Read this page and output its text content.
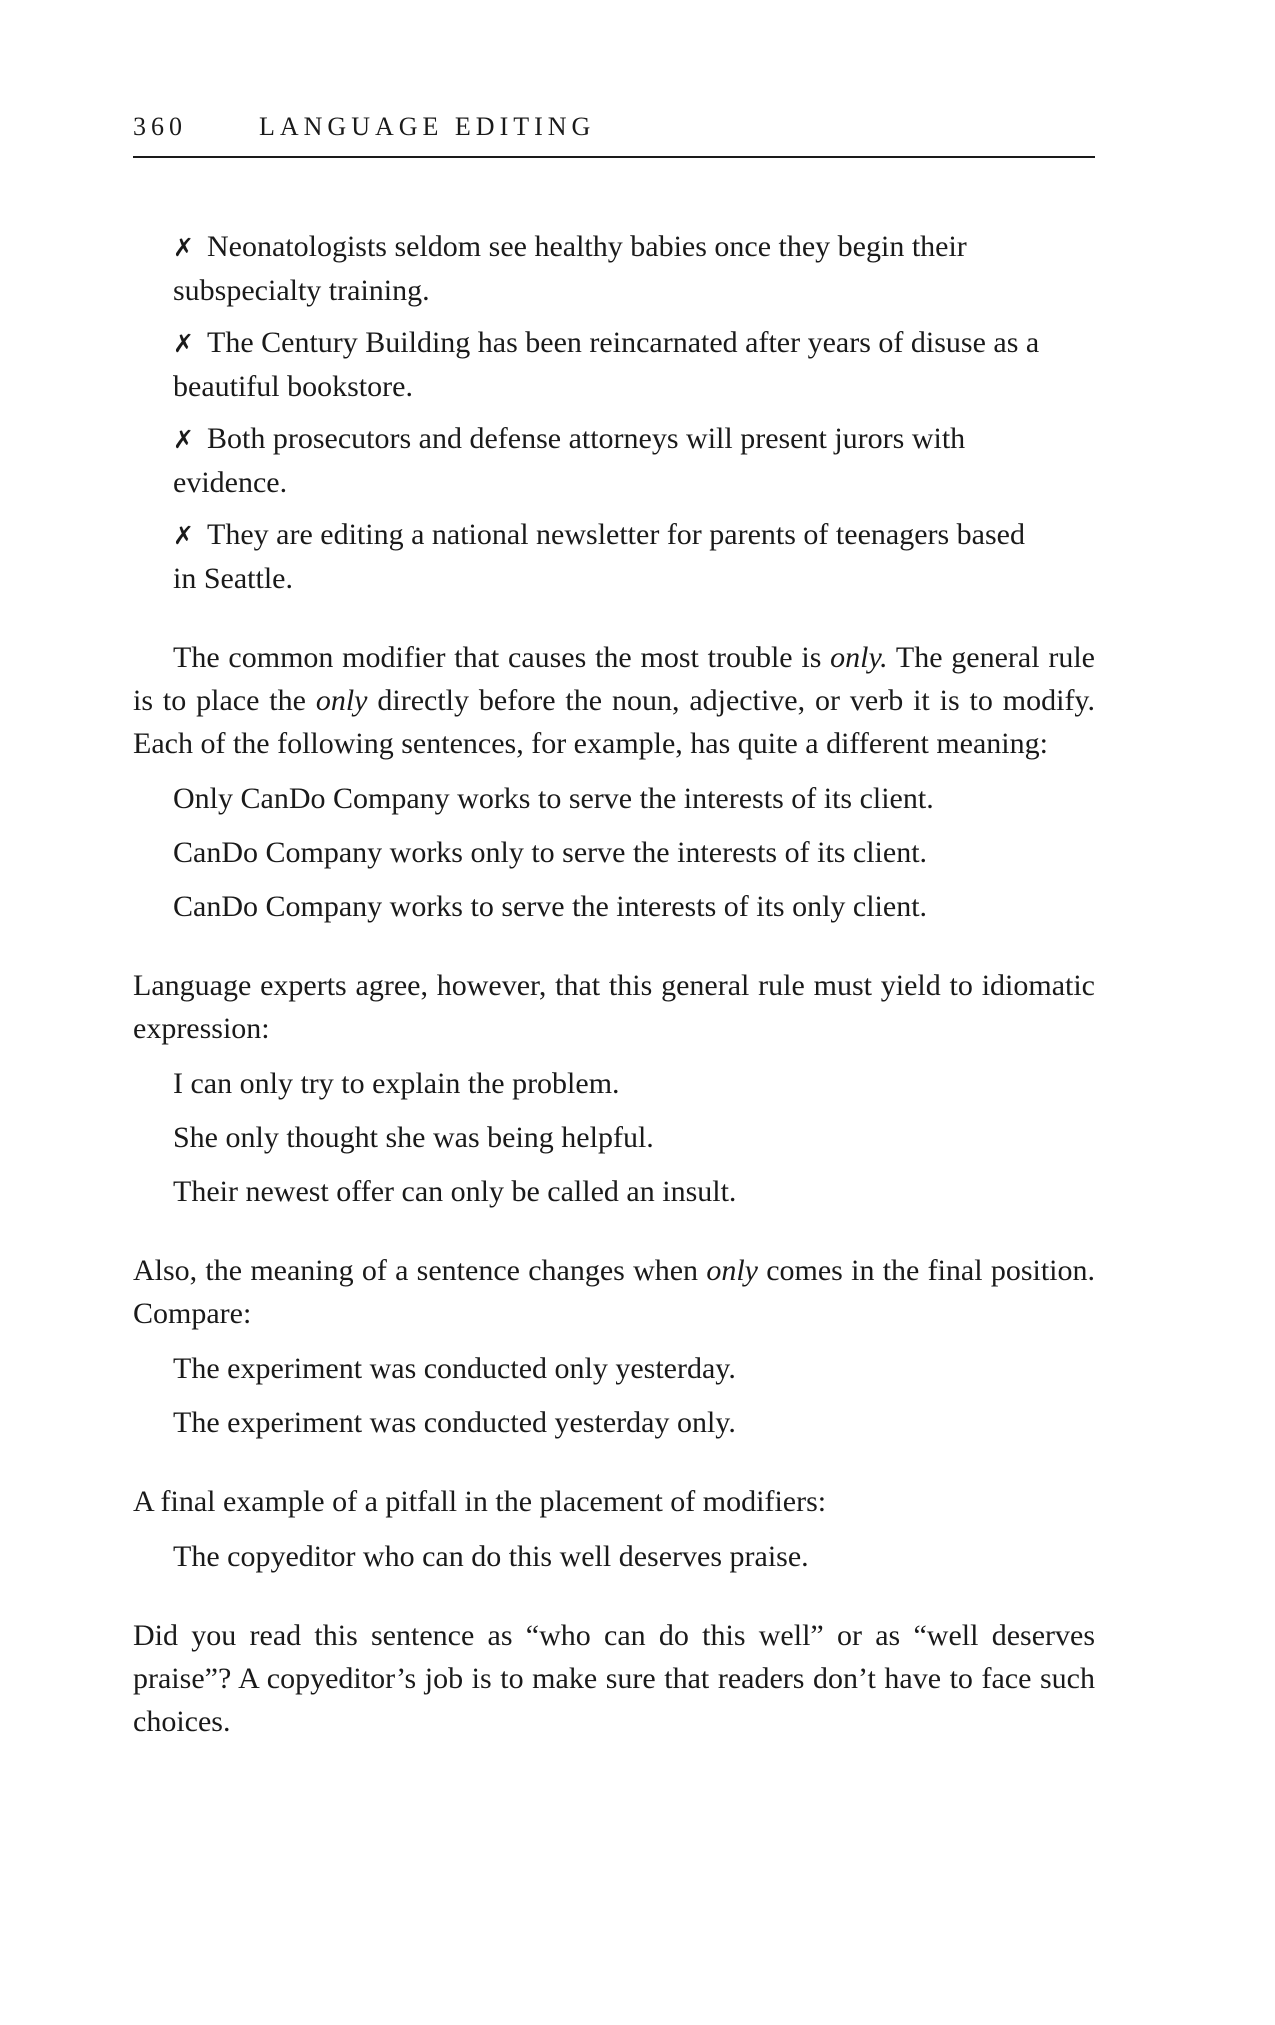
360	LANGUAGE EDITING
✗ Neonatologists seldom see healthy babies once they begin their subspecialty training.
✗ The Century Building has been reincarnated after years of disuse as a beautiful bookstore.
✗ Both prosecutors and defense attorneys will present jurors with evidence.
✗ They are editing a national newsletter for parents of teenagers based in Seattle.

The common modifier that causes the most trouble is only. The general rule is to place the only directly before the noun, adjective, or verb it is to modify. Each of the following sentences, for example, has quite a different meaning:

Only CanDo Company works to serve the interests of its client.
CanDo Company works only to serve the interests of its client.
CanDo Company works to serve the interests of its only client.

Language experts agree, however, that this general rule must yield to idiomatic expression:

I can only try to explain the problem.
She only thought she was being helpful.
Their newest offer can only be called an insult.

Also, the meaning of a sentence changes when only comes in the final position. Compare:

The experiment was conducted only yesterday.
The experiment was conducted yesterday only.

A final example of a pitfall in the placement of modifiers:

The copyeditor who can do this well deserves praise.

Did you read this sentence as “who can do this well” or as “well deserves praise”? A copyeditor’s job is to make sure that readers don’t have to face such choices.
